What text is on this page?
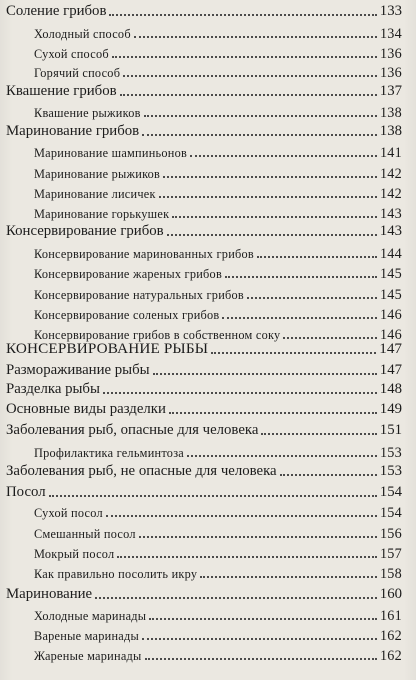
Соление грибов	133
Холодный способ	134
Сухой способ	136
Горячий способ	136
Квашение грибов	137
Квашение рыжиков	138
Маринование грибов	138
Маринование шампиньонов	141
Маринование рыжиков	142
Маринование лисичек	142
Маринование горькушек	143
Консервирование грибов	143
Консервирование маринованных грибов	144
Консервирование жареных грибов	145
Консервирование натуральных грибов	145
Консервирование соленых грибов	146
Консервирование грибов в собственном соку	146
КОНСЕРВИРОВАНИЕ РЫБЫ	147
Размораживание рыбы	147
Разделка рыбы	148
Основные виды разделки	149
Заболевания рыб, опасные для человека	151
Профилактика гельминтоза	153
Заболевания рыб, не опасные для человека	153
Посол	154
Сухой посол	154
Смешанный посол	156
Мокрый посол	157
Как правильно посолить икру	158
Маринование	160
Холодные маринады	161
Вареные маринады	162
Жареные маринады	162
